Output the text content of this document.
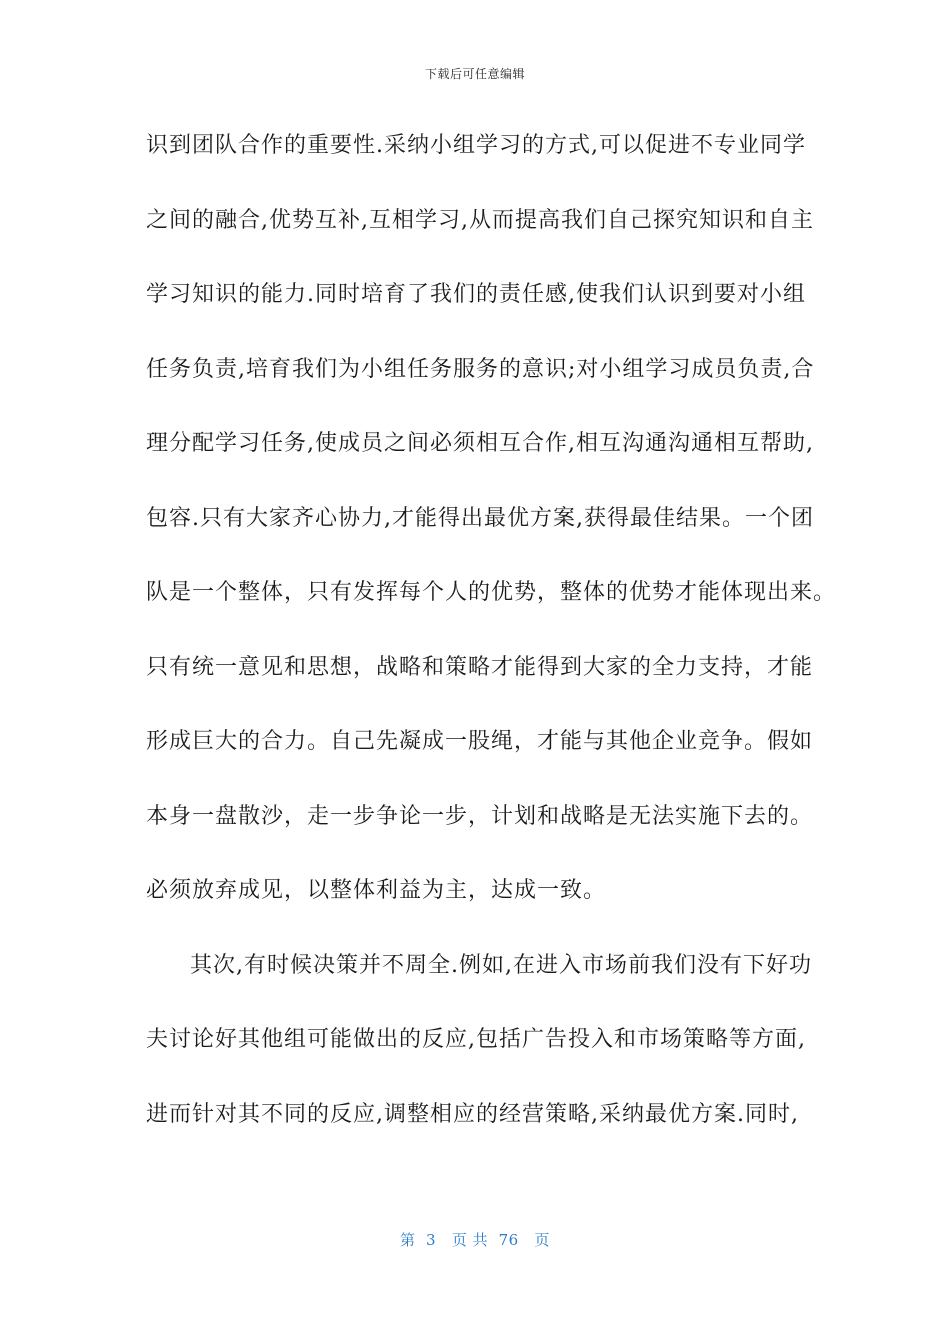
下载后可任意编辑
识到团队合作的重要性.采纳小组学习的方式,可以促进不专业同学
之间的融合,优势互补,互相学习,从而提高我们自己探究知识和自主
学习知识的能力.同时培育了我们的责任感,使我们认识到要对小组
任务负责,培育我们为小组任务服务的意识;对小组学习成员负责,合
理分配学习任务,使成员之间必须相互合作,相互沟通沟通相互帮助,
包容.只有大家齐心协力,才能得出最优方案,获得最佳结果。一个团
队是一个整体，只有发挥每个人的优势，整体的优势才能体现出来。
只有统一意见和思想，战略和策略才能得到大家的全力支持，才能
形成巨大的合力。自己先凝成一股绳，才能与其他企业竞争。假如
本身一盘散沙，走一步争论一步，计划和战略是无法实施下去的。
必须放弃成见，以整体利益为主，达成一致。
其次,有时候决策并不周全.例如,在进入市场前我们没有下好功
夫讨论好其他组可能做出的反应,包括广告投入和市场策略等方面,
进而针对其不同的反应,调整相应的经营策略,采纳最优方案.同时,
第  3   页 共  76   页
